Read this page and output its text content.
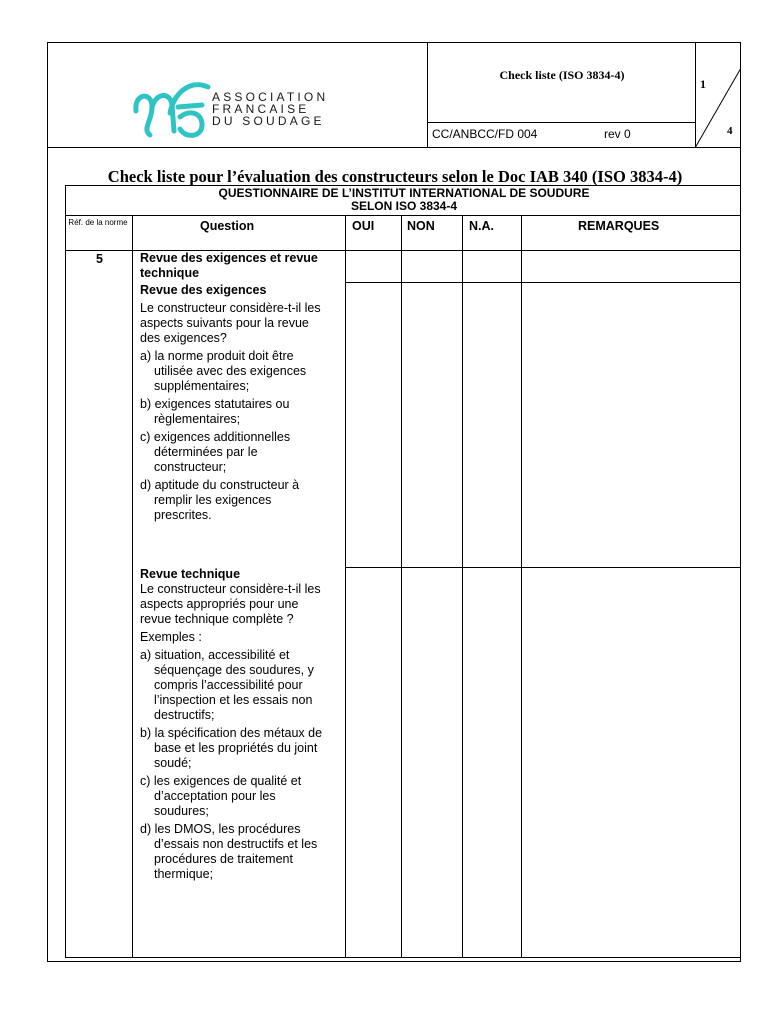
ASSOCIATION
FRANCAISE
DU SOUDAGE
Check liste (ISO 3834-4)
CC/ANBCC/FD 004	rev 0
1
4
Check liste pour l’évaluation des constructeurs selon le Doc IAB 340 (ISO 3834-4)
QUESTIONNAIRE DE L’INSTITUT INTERNATIONAL DE SOUDURE
SELON ISO 3834-4
Réf. de la norme	Question	OUI	NON	N.A.	REMARQUES
5	Revue des exigences et revue technique

Revue des exigences

Le constructeur considère-t-il les aspects suivants pour la revue des exigences?

a) la norme produit doit être utilisée avec des exigences supplémentaires;

b) exigences statutaires ou règlementaires;

c) exigences additionnelles déterminées par le constructeur;

d) aptitude du constructeur à remplir les exigences prescrites.

Revue technique

Le constructeur considère-t-il les aspects appropriés pour une revue technique complète ?

Exemples :

a) situation, accessibilité et séquençage des soudures, y compris l’accessibilité pour l’inspection et les essais non destructifs;

b) la spécification des métaux de base et les propriétés du joint soudé;

c) les exigences de qualité et d’acceptation pour les soudures;

d) les DMOS, les procédures d’essais non destructifs et les procédures de traitement thermique;
